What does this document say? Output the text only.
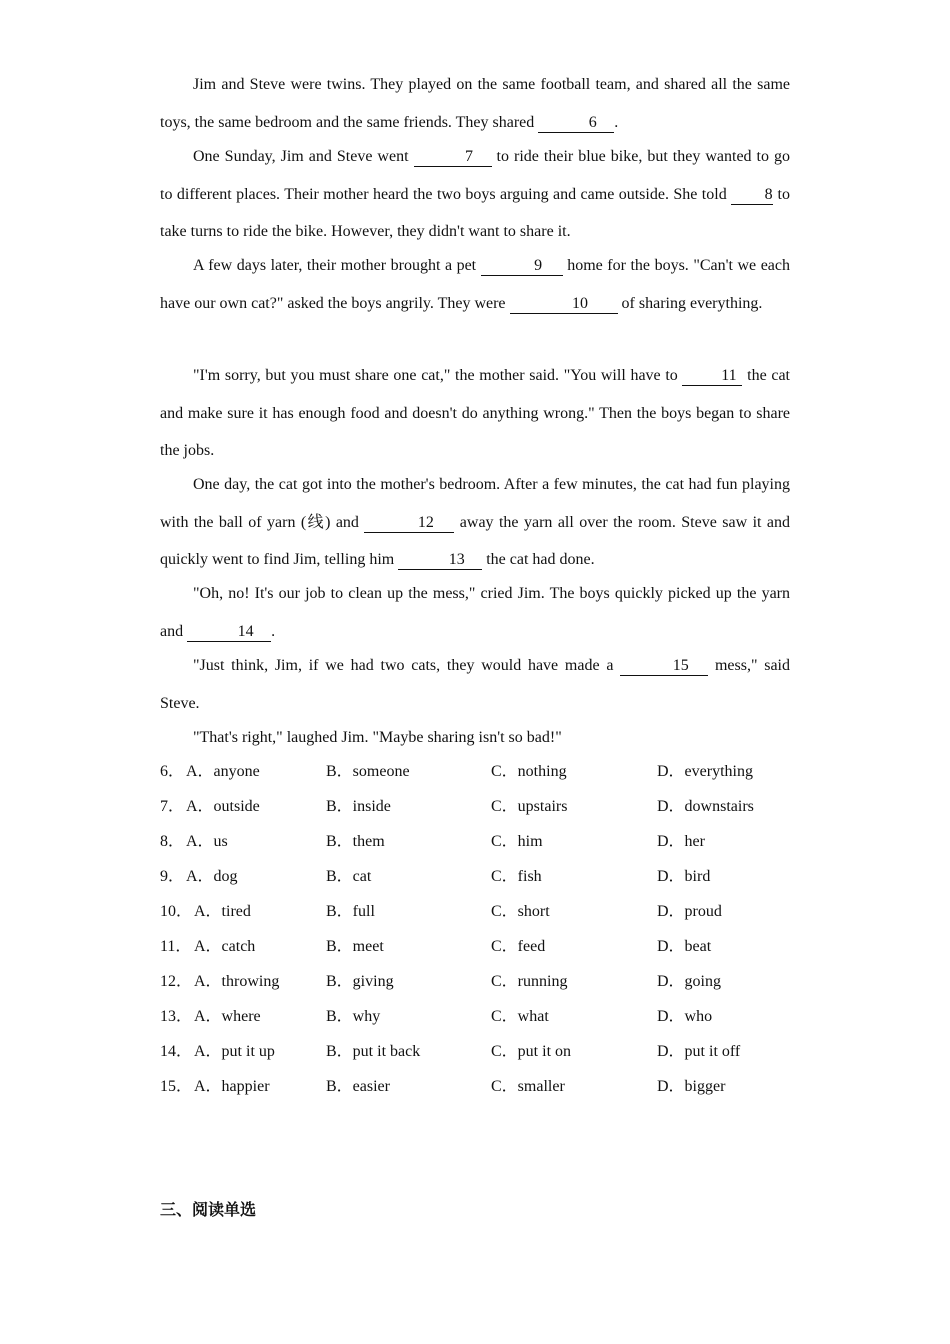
Jim and Steve were twins. They played on the same football team, and shared all the same toys, the same bedroom and the same friends. They shared	6 .

One Sunday, Jim and Steve went	7 to ride their blue bike, but they wanted to go to different places. Their mother heard the two boys arguing and came outside. She told 8 to take turns to ride the bike. However, they didn't want to share it.

A few days later, their mother brought a pet	9 home for the boys. "Can't we each have our own cat?" asked the boys angrily. They were	10 of sharing everything.

"I'm sorry, but you must share one cat," the mother said. "You will have to 11 the cat and make sure it has enough food and doesn't do anything wrong." Then the boys began to share the jobs.

One day, the cat got into the mother's bedroom. After a few minutes, the cat had fun playing with the ball of yarn (线) and	12 away the yarn all over the room. Steve saw it and quickly went to find Jim, telling him	13 the cat had done.

"Oh, no! It's our job to clean up the mess," cried Jim. The boys quickly picked up the yarn and	14 .

"Just think, Jim, if we had two cats, they would have made a	15 mess," said Steve.

"That's right," laughed Jim. "Maybe sharing isn't so bad!"

6． A．anyone	B．someone	C．nothing	D．everything
7． A．outside	B．inside	C．upstairs	D．downstairs
8． A．us	B．them	C．him	D．her
9． A．dog	B．cat	C．fish	D．bird
10． A．tired	B．full	C．short	D．proud
11． A．catch	B．meet	C．feed	D．beat
12． A．throwing	B．giving	C．running	D．going
13． A．where	B．why	C．what	D．who
14． A．put it up	B．put it back	C．put it on	D．put it off
15． A．happier	B．easier	C．smaller	D．bigger
三、阅读单选
